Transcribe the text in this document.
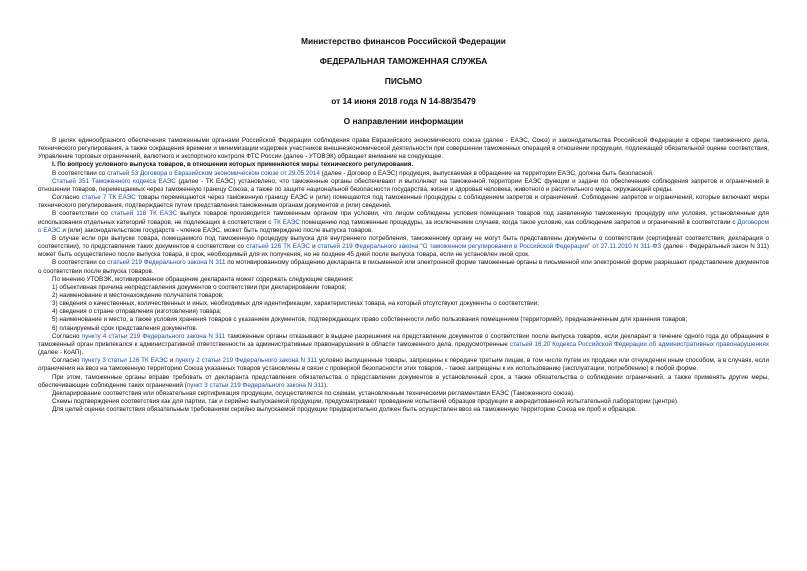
Министерство финансов Российской Федерации
ФЕДЕРАЛЬНАЯ ТАМОЖЕННАЯ СЛУЖБА
ПИСЬМО
от 14 июня 2018 года N 14-88/35479
О направлении информации
В целях единообразного обеспечения таможенными органами Российской Федерации соблюдения права Евразийского экономического союза (далее - ЕАЭС, Союз) и законодательства Российской Федерации в сфере таможенного дела, технического регулирования, а также сокращения времени и минимизации издержек участников внешнеэкономической деятельности при совершении таможенных операций в отношении продукции, подлежащей обязательной оценке соответствия, Управление торговых ограничений, валютного и экспортного контроля ФТС России (далее - УТОВЭК) обращает внимание на следующее.
I. По вопросу условного выпуска товаров, в отношении которых применяются меры технического регулирования.
В соответствии со статьей 53 Договора о Евразийском экономическом союзе от 29.05.2014 (далее - Договор о ЕАЭС) продукция, выпускаемая в обращение на территории ЕАЭС, должна быть безопасной.
Статьей 351 Таможенного кодекса ЕАЭС (далее - ТК ЕАЭС) установлено, что таможенные органы обеспечивают и выполняют на таможенной территории ЕАЭС функции и задачи по обеспечению соблюдения запретов и ограничений в отношении товаров, перемещаемых через таможенную границу Союза, а также по защите национальной безопасности государства, жизни и здоровья человека, животного и растительного мира, окружающей среды.
Согласно статье 7 ТК ЕАЭС товары перемещаются через таможенную границу ЕАЭС и (или) помещаются под таможенные процедуры с соблюдением запретов и ограничений. Соблюдение запретов и ограничений, которые включают меры технического регулирования, подтверждается путем представления таможенным органам документов и (или) сведений.
В соответствии со статьей 118 ТК ЕАЭС выпуск товаров производится таможенным органом при условии, что лицом соблюдены условия помещения товаров под заявленную таможенную процедуру или условия, установленные для использования отдельных категорий товаров, не подлежащих в соответствии с ТК ЕАЭС помещению под таможенные процедуры, за исключением случаев, когда такое условие, как соблюдение запретов и ограничений в соответствии с Договором о ЕАЭС и (или) законодательством государств - членов ЕАЭС, может быть подтверждено после выпуска товаров.
В случае если при выпуске товара, помещаемого под таможенную процедуру выпуска для внутреннего потребления, таможенному органу не могут быть представлены документы о соответствии (сертификат соответствия, декларация о соответствии), то представление таких документов в соответствии со статьей 126 ТК ЕАЭС и статьей 219 Федерального закона "О таможенном регулировании в Российской Федерации" от 27.11.2010 N 311-ФЗ (далее - Федеральный закон N 311) может быть осуществлено после выпуска товара, в срок, необходимый для их получения, но не позднее 45 дней после выпуска товара, если не установлен иной срок.
В соответствии со статьей 219 Федерального закона N 311 по мотивированному обращению декларанта в письменной или электронной форме таможенные органы в письменной или электронной форме разрешают представление документов о соответствии после выпуска товаров.
По мнению УТОВЭК, мотивированное обращение декларанта может содержать следующие сведения:
1) объективная причина непредставления документов о соответствии при декларировании товаров;
2) наименование и местонахождение получателя товаров;
3) сведения о качественных, количественных и иных, необходимых для идентификации, характеристиках товара, на который отсутствуют документы о соответствии;
4) сведения о стране отправления (изготовления) товара;
5) наименование и место, а также условия хранения товаров с указанием документов, подтверждающих право собственности либо пользования помещением (территорией), предназначенным для хранения товаров;
6) планируемый срок представления документов.
Согласно пункту 4 статьи 219 Федерального закона N 311 таможенные органы отказывают в выдаче разрешения на представление документов о соответствии после выпуска товаров, если декларант в течение одного года до обращения в таможенный орган привлекался к административной ответственности за административные правонарушения в области таможенного дела, предусмотренные статьей 16.20 Кодекса Российской Федерации об административных правонарушениях (далее - КоАП).
Согласно пункту 3 статьи 126 ТК ЕАЭС и пункту 2 статьи 219 Федерального закона N 311 условно выпущенные товары, запрещены к передаче третьим лицам, в том числе путем их продажи или отчуждения иным способом, а в случаях, если ограничения на ввоз на таможенную территорию Союза указанных товаров установлены в связи с проверкой безопасности этих товаров, - также запрещены к их использованию (эксплуатации, потреблению) в любой форме.
При этом, таможенные органы вправе требовать от декларанта представления обязательства о представлении документов в установленный срок, а также обязательства о соблюдении ограничений, а также применять другие меры, обеспечивающие соблюдение таких ограничений (пункт 3 статьи 219 Федерального закона N 311).
Декларирование соответствия или обязательная сертификация продукции, осуществляется по схемам, установленным техническими регламентами ЕАЭС (Таможенного союза).
Схемы подтверждения соответствия как для партии, так и серийно выпускаемой продукции, предусматривают проведение испытаний образцов продукции в аккредитованной испытательной лаборатории (центре).
Для целей оценки соответствия обязательным требованиям серийно выпускаемой продукции предварительно должен быть осуществлен ввоз на таможенную территорию Союза ее проб и образцов.
